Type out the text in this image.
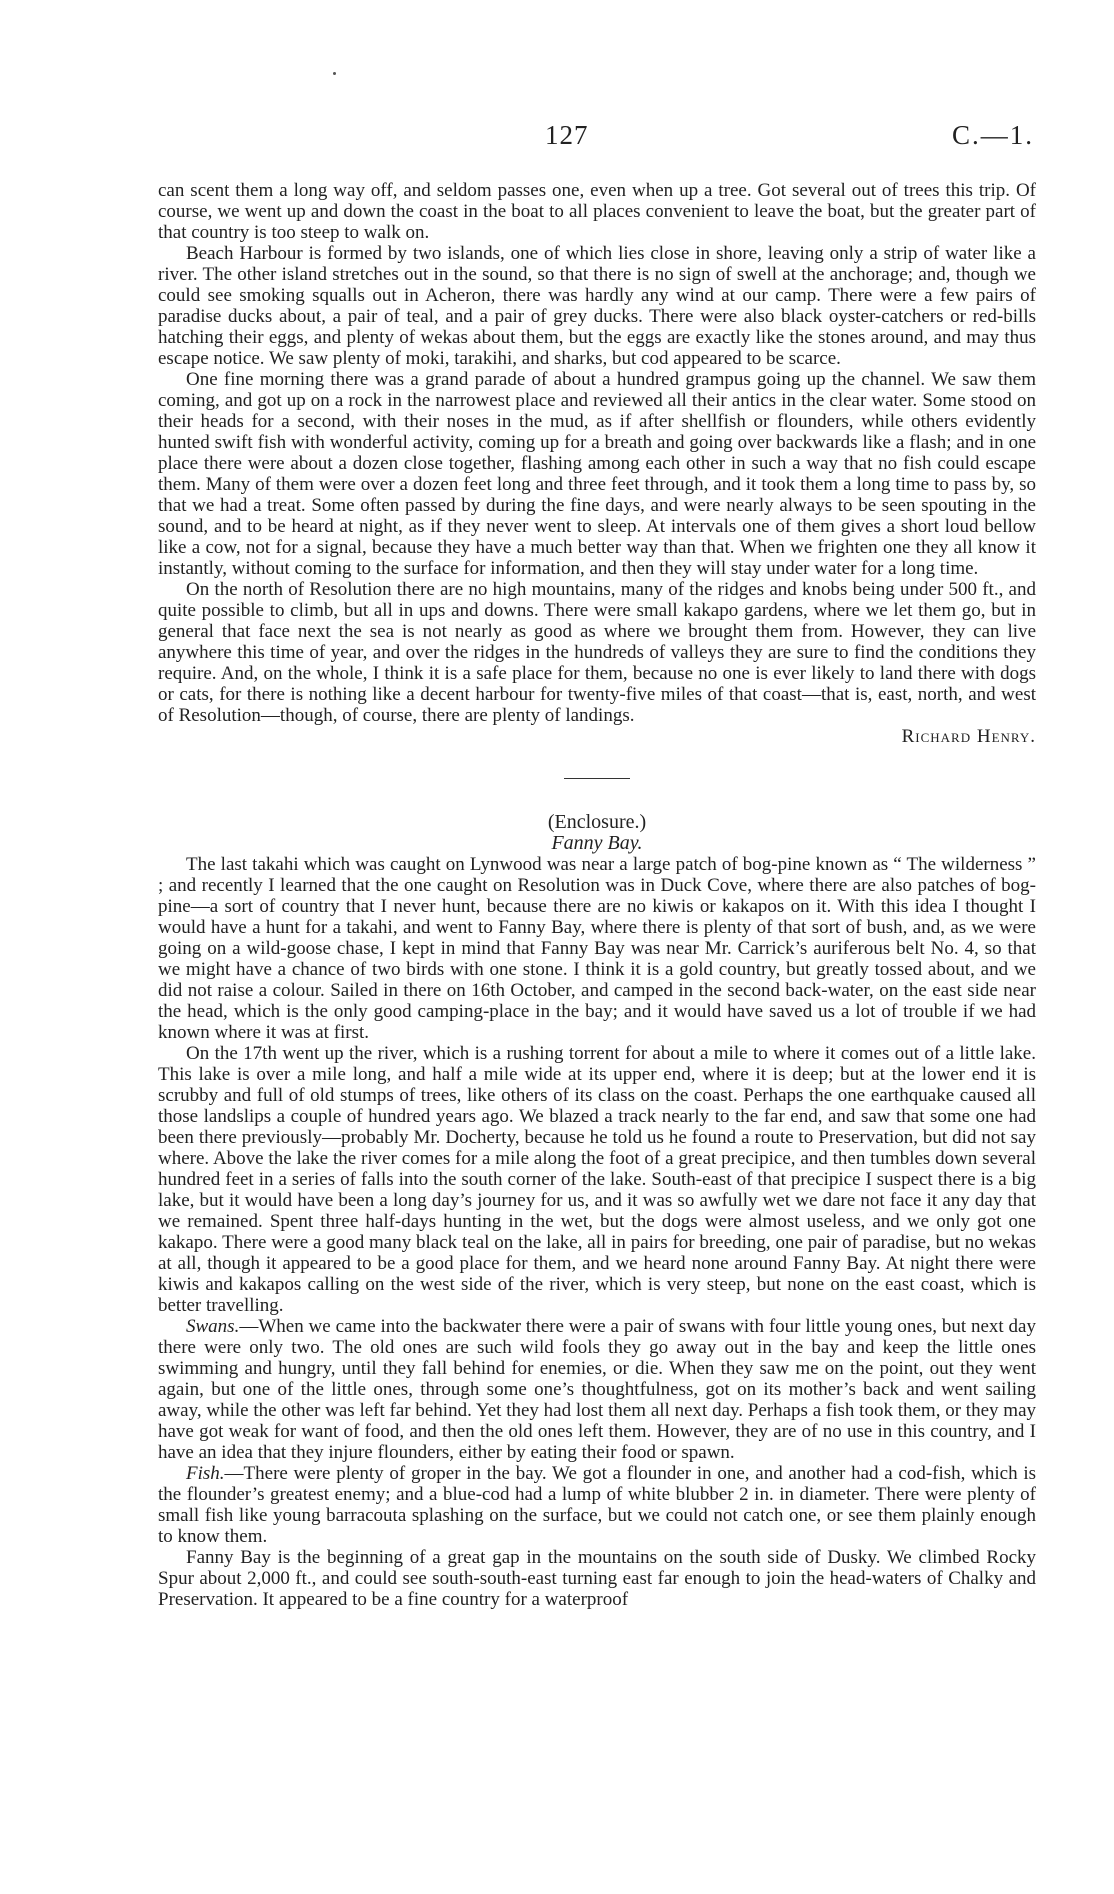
127	C.—1.

can scent them a long way off, and seldom passes one, even when up a tree. Got several out of trees this trip. Of course, we went up and down the coast in the boat to all places convenient to leave the boat, but the greater part of that country is too steep to walk on.

Beach Harbour is formed by two islands, one of which lies close in shore, leaving only a strip of water like a river. The other island stretches out in the sound, so that there is no sign of swell at the anchorage; and, though we could see smoking squalls out in Acheron, there was hardly any wind at our camp. There were a few pairs of paradise ducks about, a pair of teal, and a pair of grey ducks. There were also black oyster-catchers or red-bills hatching their eggs, and plenty of wekas about them, but the eggs are exactly like the stones around, and may thus escape notice. We saw plenty of moki, tarakihi, and sharks, but cod appeared to be scarce.

One fine morning there was a grand parade of about a hundred grampus going up the channel. We saw them coming, and got up on a rock in the narrowest place and reviewed all their antics in the clear water. Some stood on their heads for a second, with their noses in the mud, as if after shellfish or flounders, while others evidently hunted swift fish with wonderful activity, coming up for a breath and going over backwards like a flash; and in one place there were about a dozen close together, flashing among each other in such a way that no fish could escape them. Many of them were over a dozen feet long and three feet through, and it took them a long time to pass by, so that we had a treat. Some often passed by during the fine days, and were nearly always to be seen spouting in the sound, and to be heard at night, as if they never went to sleep. At intervals one of them gives a short loud bellow like a cow, not for a signal, because they have a much better way than that. When we frighten one they all know it instantly, without coming to the surface for information, and then they will stay under water for a long time.

On the north of Resolution there are no high mountains, many of the ridges and knobs being under 500 ft., and quite possible to climb, but all in ups and downs. There were small kakapo gardens, where we let them go, but in general that face next the sea is not nearly as good as where we brought them from. However, they can live anywhere this time of year, and over the ridges in the hundreds of valleys they are sure to find the conditions they require. And, on the whole, I think it is a safe place for them, because no one is ever likely to land there with dogs or cats, for there is nothing like a decent harbour for twenty-five miles of that coast—that is, east, north, and west of Resolution—though, of course, there are plenty of landings.

Richard Henry.

(Enclosure.)

Fanny Bay.

The last takahi which was caught on Lynwood was near a large patch of bog-pine known as “ The wilderness ” ; and recently I learned that the one caught on Resolution was in Duck Cove, where there are also patches of bog-pine—a sort of country that I never hunt, because there are no kiwis or kakapos on it. With this idea I thought I would have a hunt for a takahi, and went to Fanny Bay, where there is plenty of that sort of bush, and, as we were going on a wild-goose chase, I kept in mind that Fanny Bay was near Mr. Carrick’s auriferous belt No. 4, so that we might have a chance of two birds with one stone. I think it is a gold country, but greatly tossed about, and we did not raise a colour. Sailed in there on 16th October, and camped in the second back-water, on the east side near the head, which is the only good camping-place in the bay; and it would have saved us a lot of trouble if we had known where it was at first.

On the 17th went up the river, which is a rushing torrent for about a mile to where it comes out of a little lake. This lake is over a mile long, and half a mile wide at its upper end, where it is deep; but at the lower end it is scrubby and full of old stumps of trees, like others of its class on the coast. Perhaps the one earthquake caused all those landslips a couple of hundred years ago. We blazed a track nearly to the far end, and saw that some one had been there previously—probably Mr. Docherty, because he told us he found a route to Preservation, but did not say where. Above the lake the river comes for a mile along the foot of a great precipice, and then tumbles down several hundred feet in a series of falls into the south corner of the lake. South-east of that precipice I suspect there is a big lake, but it would have been a long day’s journey for us, and it was so awfully wet we dare not face it any day that we remained. Spent three half-days hunting in the wet, but the dogs were almost useless, and we only got one kakapo. There were a good many black teal on the lake, all in pairs for breeding, one pair of paradise, but no wekas at all, though it appeared to be a good place for them, and we heard none around Fanny Bay. At night there were kiwis and kakapos calling on the west side of the river, which is very steep, but none on the east coast, which is better travelling.

Swans.—When we came into the backwater there were a pair of swans with four little young ones, but next day there were only two. The old ones are such wild fools they go away out in the bay and keep the little ones swimming and hungry, until they fall behind for enemies, or die. When they saw me on the point, out they went again, but one of the little ones, through some one’s thoughtfulness, got on its mother’s back and went sailing away, while the other was left far behind. Yet they had lost them all next day. Perhaps a fish took them, or they may have got weak for want of food, and then the old ones left them. However, they are of no use in this country, and I have an idea that they injure flounders, either by eating their food or spawn.

Fish.—There were plenty of groper in the bay. We got a flounder in one, and another had a cod-fish, which is the flounder’s greatest enemy; and a blue-cod had a lump of white blubber 2 in. in diameter. There were plenty of small fish like young barracouta splashing on the surface, but we could not catch one, or see them plainly enough to know them.

Fanny Bay is the beginning of a great gap in the mountains on the south side of Dusky. We climbed Rocky Spur about 2,000 ft., and could see south-south-east turning east far enough to join the head-waters of Chalky and Preservation. It appeared to be a fine country for a waterproof
